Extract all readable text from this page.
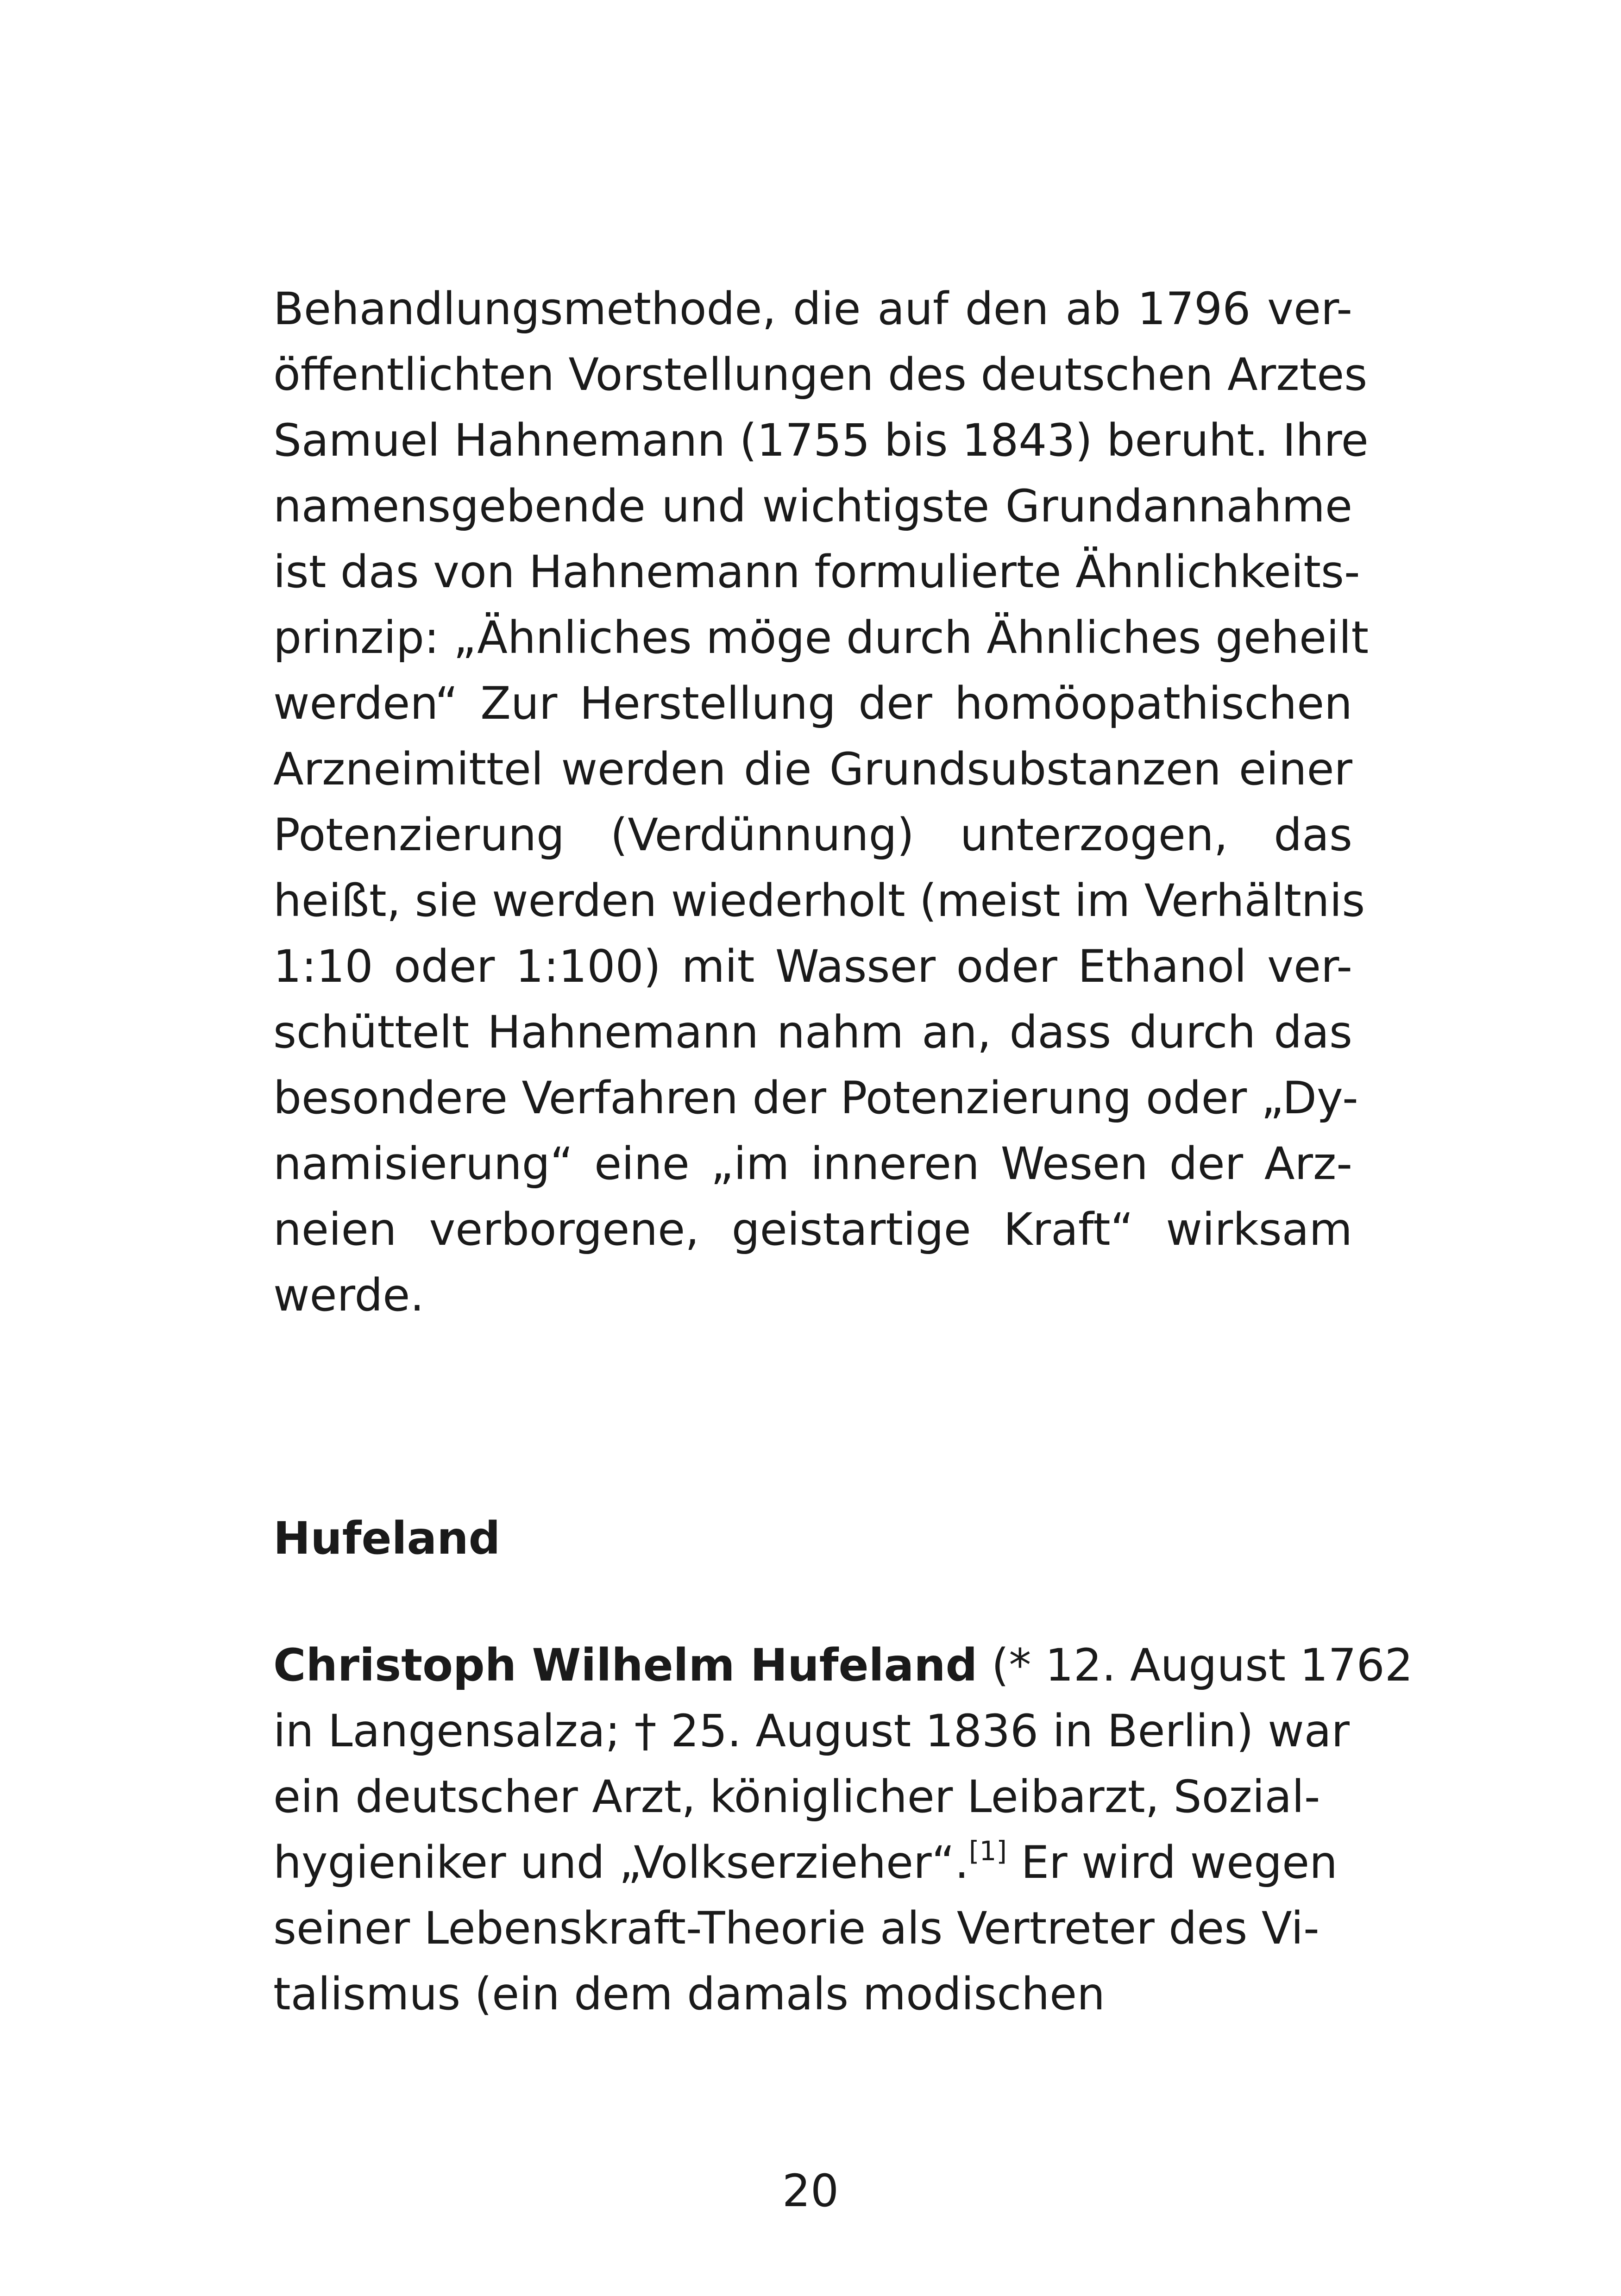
Behandlungsmethode, die auf den ab 1796 ver-
öffentlichten Vorstellungen des deutschen Arztes
Samuel Hahnemann (1755 bis 1843) beruht. Ihre
namensgebende und wichtigste Grundannahme
ist das von Hahnemann formulierte Ähnlichkeits-
prinzip: „Ähnliches möge durch Ähnliches geheilt
werden“ Zur Herstellung der homöopathischen
Arzneimittel werden die Grundsubstanzen einer
Potenzierung (Verdünnung) unterzogen, das
heißt, sie werden wiederholt (meist im Verhältnis
1:10 oder 1:100) mit Wasser oder Ethanol ver-
schüttelt Hahnemann nahm an, dass durch das
besondere Verfahren der Potenzierung oder „Dy-
namisierung“ eine „im inneren Wesen der Arz-
neien verborgene, geistartige Kraft“ wirksam
werde.
Hufeland
Christoph Wilhelm Hufeland (* 12. August 1762
in Langensalza; † 25. August 1836 in Berlin) war
ein deutscher Arzt, königlicher Leibarzt, Sozial-
hygieniker und „Volkserzieher“.[1] Er wird wegen
seiner Lebenskraft-Theorie als Vertreter des Vi-
talismus (ein dem damals modischen
20
